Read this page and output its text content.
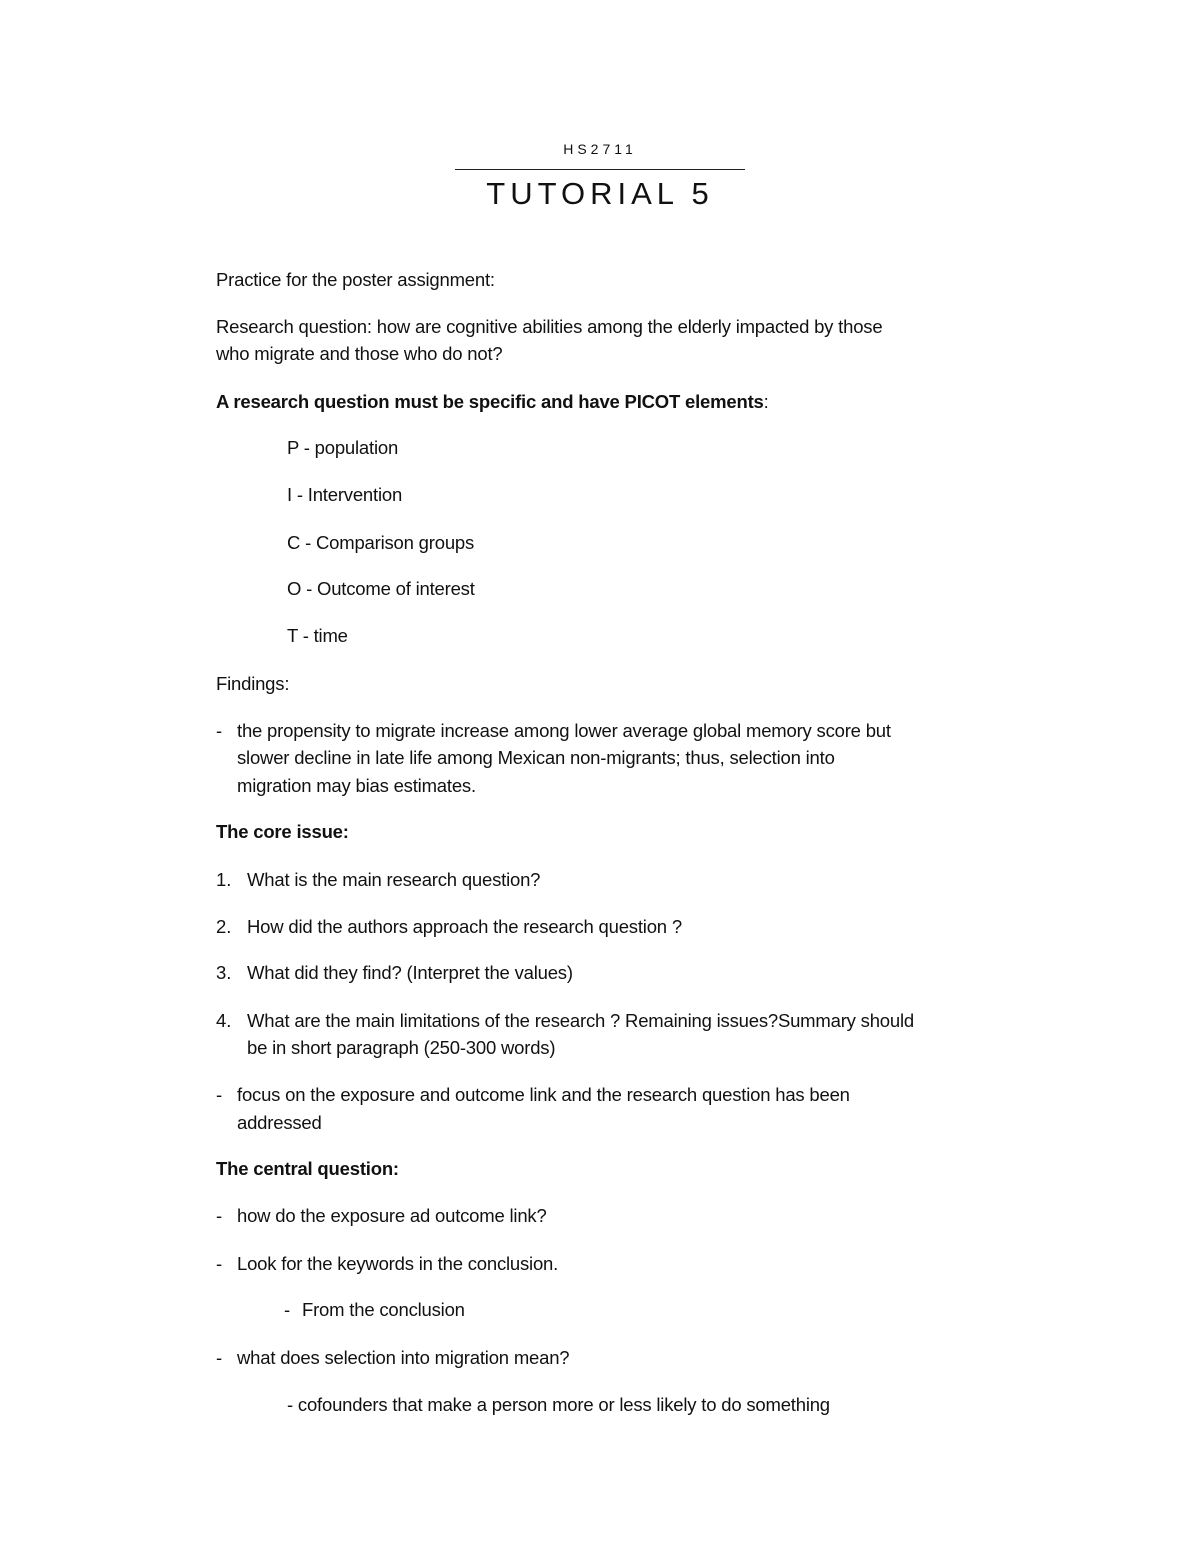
HS2711
TUTORIAL 5
Practice for the poster assignment:
Research question: how are cognitive abilities among the elderly impacted by those
who migrate and those who do not?
A research question must be specific and have PICOT elements:
P - population
I - Intervention
C - Comparison groups
O - Outcome of interest
T - time
Findings:
- the propensity to migrate increase among lower average global memory score but
slower decline in late life among Mexican non-migrants; thus, selection into
migration may bias estimates.
The core issue:
1. What is the main research question?
2. How did the authors approach the research question ?
3. What did they find? (Interpret the values)
4. What are the main limitations of the research ? Remaining issues?Summary should
be in short paragraph (250-300 words)
- focus on the exposure and outcome link and the research question has been
addressed
The central question:
- how do the exposure ad outcome link?
- Look for the keywords in the conclusion.
- From the conclusion
- what does selection into migration mean?
- cofounders that make a person more or less likely to do something
